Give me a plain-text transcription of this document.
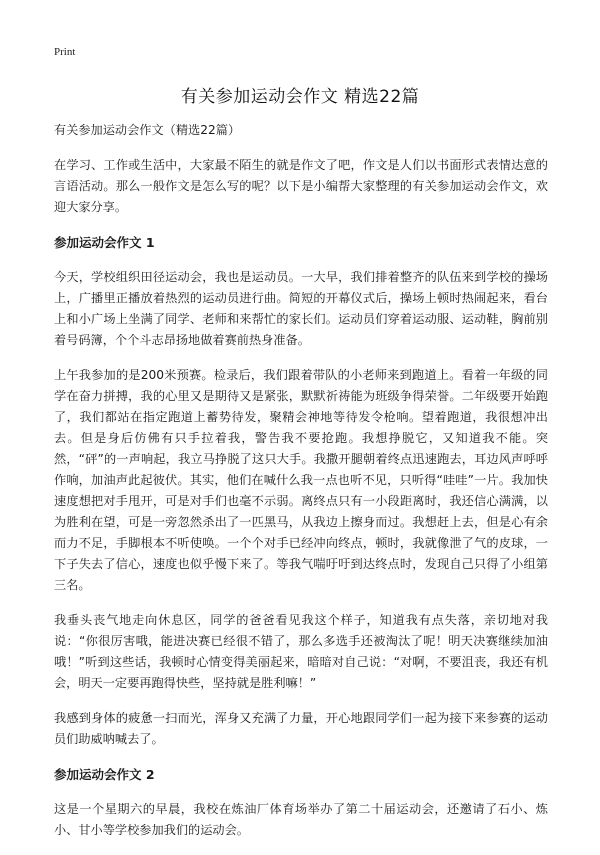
Print
有关参加运动会作文 精选22篇
有关参加运动会作文（精选22篇）
在学习、工作或生活中，大家最不陌生的就是作文了吧，作文是人们以书面形式表情达意的言语活动。那么一般作文是怎么写的呢？以下是小编帮大家整理的有关参加运动会作文，欢迎大家分享。
参加运动会作文 1
今天，学校组织田径运动会，我也是运动员。一大早，我们排着整齐的队伍来到学校的操场上，广播里正播放着热烈的运动员进行曲。简短的开幕仪式后，操场上顿时热闹起来，看台上和小广场上坐满了同学、老师和来帮忙的家长们。运动员们穿着运动服、运动鞋，胸前别着号码簿，个个斗志昂扬地做着赛前热身准备。
上午我参加的是200米预赛。检录后，我们跟着带队的小老师来到跑道上。看着一年级的同学在奋力拼搏，我的心里又是期待又是紧张，默默祈祷能为班级争得荣誉。二年级要开始跑了，我们都站在指定跑道上蓄势待发，聚精会神地等待发令枪响。望着跑道，我很想冲出去。但是身后仿佛有只手拉着我，警告我不要抢跑。我想挣脱它，又知道我不能。突然，“砰”的一声响起，我立马挣脱了这只大手。我撒开腿朝着终点迅速跑去，耳边风声呼呼作响，加油声此起彼伏。其实，他们在喊什么我一点也听不见，只听得“哇哇”一片。我加快速度想把对手甩开，可是对手们也毫不示弱。离终点只有一小段距离时，我还信心满满，以为胜利在望，可是一旁忽然杀出了一匹黑马，从我边上擦身而过。我想赶上去，但是心有余而力不足，手脚根本不听使唤。一个个对手已经冲向终点，顿时，我就像泄了气的皮球，一下子失去了信心，速度也似乎慢下来了。等我气喘吁吁到达终点时，发现自己只得了小组第三名。
我垂头丧气地走向休息区，同学的爸爸看见我这个样子，知道我有点失落，亲切地对我说：“你很厉害哦，能进决赛已经很不错了，那么多选手还被淘汰了呢！明天决赛继续加油哦！”听到这些话，我顿时心情变得美丽起来，暗暗对自己说：“对啊，不要沮丧，我还有机会，明天一定要再跑得快些，坚持就是胜利嘛！”
我感到身体的疲惫一扫而光，浑身又充满了力量，开心地跟同学们一起为接下来参赛的运动员们助威呐喊去了。
参加运动会作文 2
这是一个星期六的早晨，我校在炼油厂体育场举办了第二十届运动会，还邀请了石小、炼小、甘小等学校参加我们的运动会。
